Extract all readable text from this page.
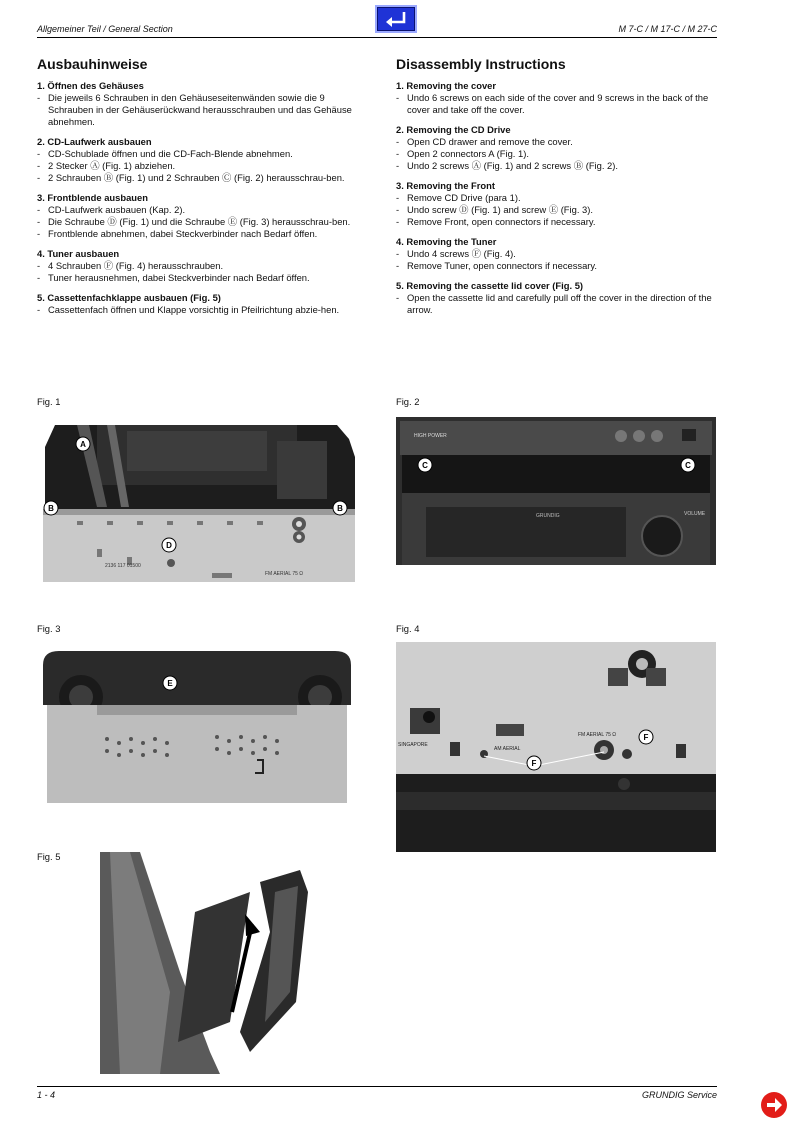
Allgemeiner Teil / General Section	M 7-C / M 17-C / M 27-C
Ausbauhinweise
1. Öffnen des Gehäuses
- Die jeweils 6 Schrauben in den Gehäuseseitenwänden sowie die 9 Schrauben in der Gehäuserückwand herausschrauben und das Gehäuse abnehmen.
2. CD-Laufwerk ausbauen
- CD-Schublade öffnen und die CD-Fach-Blende abnehmen.
- 2 Stecker Ⓐ (Fig. 1) abziehen.
- 2 Schrauben Ⓑ (Fig. 1) und 2 Schrauben Ⓒ (Fig. 2) herausschrau-ben.
3. Frontblende ausbauen
- CD-Laufwerk ausbauen (Kap. 2).
- Die Schraube Ⓓ (Fig. 1) und die Schraube Ⓔ (Fig. 3) herausschrau-ben.
- Frontblende abnehmen, dabei Steckverbinder nach Bedarf öffen.
4. Tuner ausbauen
- 4 Schrauben Ⓕ (Fig. 4) herausschrauben.
- Tuner herausnehmen, dabei Steckverbinder nach Bedarf öffen.
5. Cassettenfachklappe ausbauen (Fig. 5)
- Cassettenfach öffnen und Klappe vorsichtig in Pfeilrichtung abzie-hen.
Disassembly Instructions
1. Removing the cover
- Undo 6 screws on each side of the cover and 9 screws in the back of the cover and take off the cover.
2. Removing the CD Drive
- Open CD drawer and remove the cover.
- Open 2 connectors A (Fig. 1).
- Undo 2 screws Ⓐ (Fig. 1) and 2 screws Ⓑ (Fig. 2).
3. Removing the Front
- Remove CD Drive (para 1).
- Undo screw Ⓓ (Fig. 1) and screw Ⓔ (Fig. 3).
- Remove Front, open connectors if necessary.
4. Removing the Tuner
- Undo 4 screws Ⓕ (Fig. 4).
- Remove Tuner, open connectors if necessary.
5. Removing the cassette lid cover (Fig. 5)
- Open the cassette lid and carefully pull off the cover in the direction of the arrow.
Fig. 1
2136 117 01500
FM AERIAL 75 Ω
A
B	B
D
Fig. 2
HIGH POWER
GRUNDIG	VOLUME
C	C
Fig. 3
E
Fig. 4
FM AERIAL 75 Ω
AM AERIAL
SINGAPORE
F
F
Fig. 5
1 - 4	GRUNDIG Service
